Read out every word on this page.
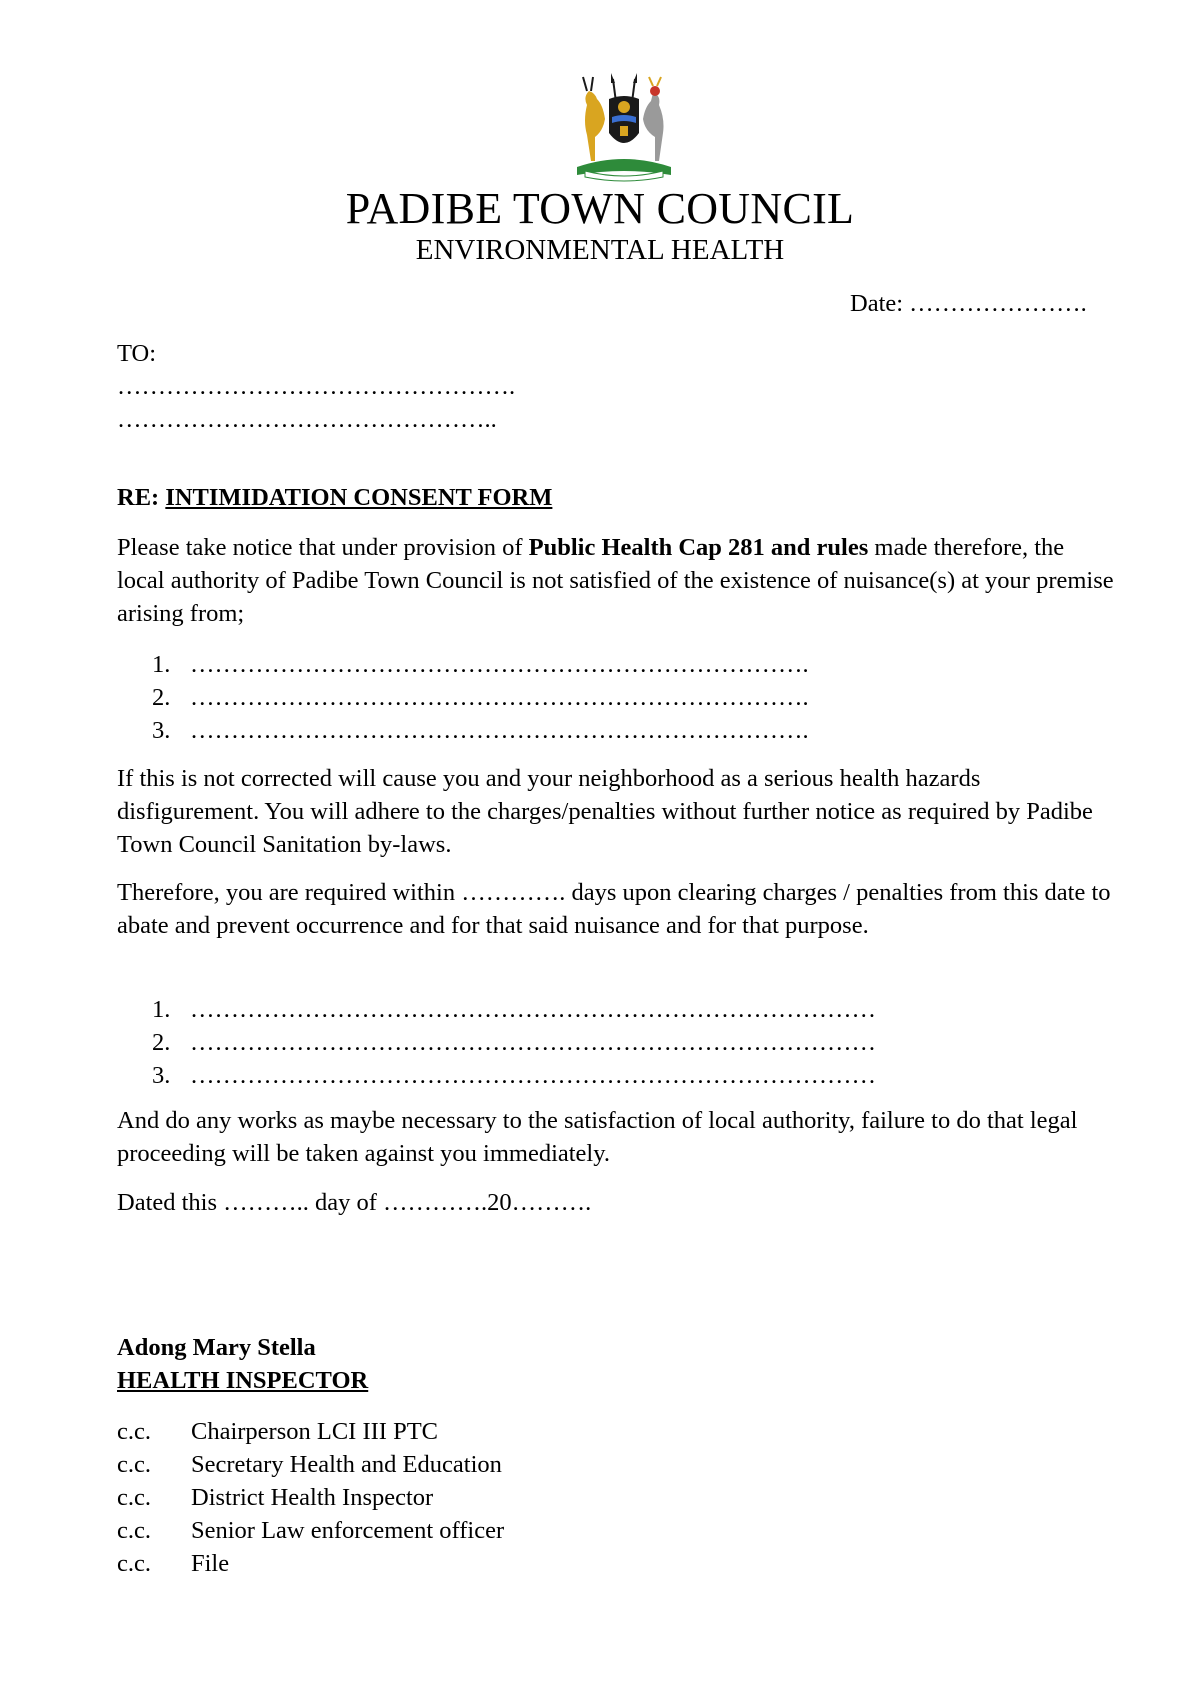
PADIBE TOWN COUNCIL
ENVIRONMENTAL HEALTH
Date: ………………….
TO:
………………………………………….
………………………………………..
RE: INTIMIDATION CONSENT FORM
Please take notice that under provision of Public Health Cap 281 and rules made therefore, the local authority of Padibe Town Council is not satisfied of the existence of nuisance(s) at your premise arising from;
1. ………………………………………………………………….
2. ………………………………………………………………….
3. ………………………………………………………………….
If this is not corrected will cause you and your neighborhood as a serious health hazards disfigurement. You will adhere to the charges/penalties without further notice as required by Padibe Town Council Sanitation by-laws.
Therefore, you are required within …………. days upon clearing charges / penalties from this date to abate and prevent occurrence and for that said nuisance and for that purpose.
1. …………………………………………………………………………
2. …………………………………………………………………………
3. …………………………………………………………………………
And do any works as maybe necessary to the satisfaction of local authority, failure to do that legal proceeding will be taken against you immediately.
Dated this ……….. day of ………….20……….
Adong Mary Stella
HEALTH INSPECTOR
c.c. Chairperson LCI III PTC
c.c. Secretary Health and Education
c.c. District Health Inspector
c.c. Senior Law enforcement officer
c.c. File
